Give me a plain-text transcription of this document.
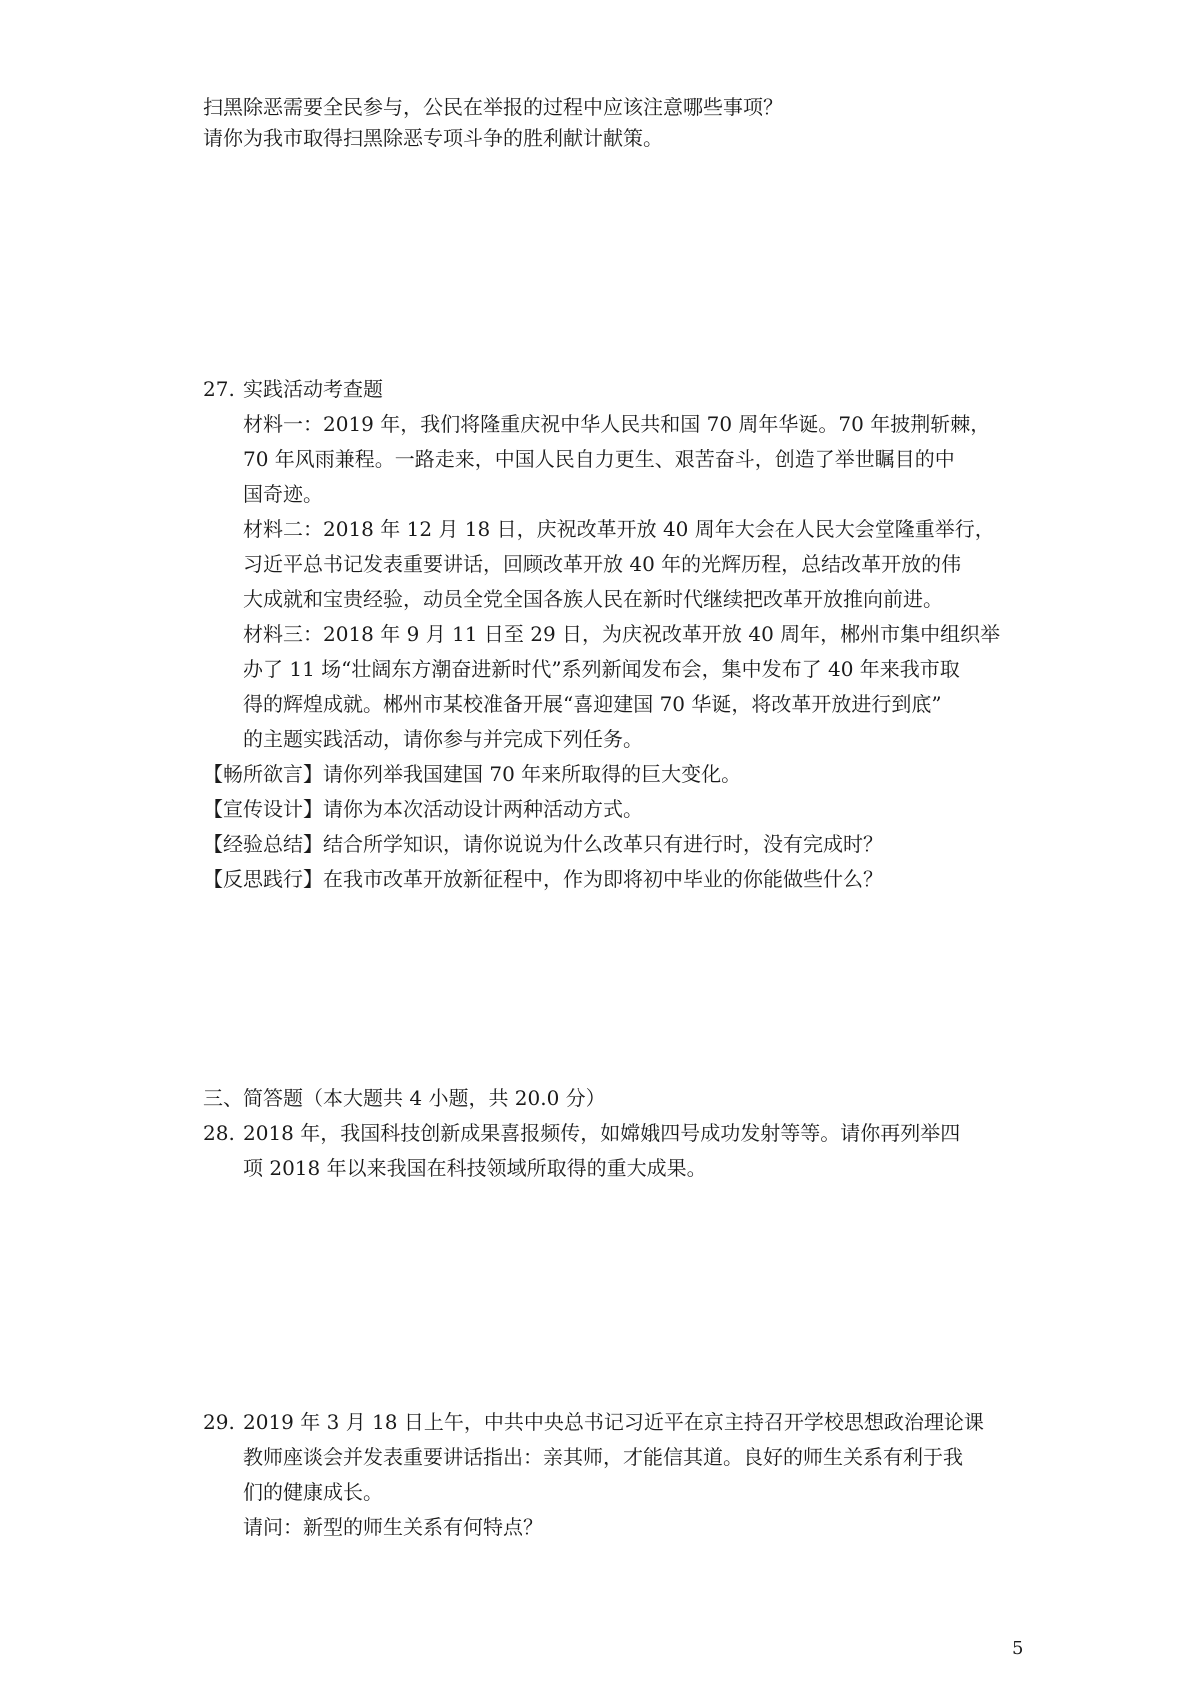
扫黑除恶需要全民参与，公民在举报的过程中应该注意哪些事项？
请你为我市取得扫黑除恶专项斗争的胜利献计献策。
27. 实践活动考查题
材料一：2019 年，我们将隆重庆祝中华人民共和国 70 周年华诞。70 年披荆斩棘，
70 年风雨兼程。一路走来，中国人民自力更生、艰苦奋斗，创造了举世瞩目的中
国奇迹。
材料二：2018 年 12 月 18 日，庆祝改革开放 40 周年大会在人民大会堂隆重举行，
习近平总书记发表重要讲话，回顾改革开放 40 年的光辉历程，总结改革开放的伟
大成就和宝贵经验，动员全党全国各族人民在新时代继续把改革开放推向前进。
材料三：2018 年 9 月 11 日至 29 日，为庆祝改革开放 40 周年，郴州市集中组织举
办了 11 场“壮阔东方潮奋进新时代”系列新闻发布会，集中发布了 40 年来我市取
得的辉煌成就。郴州市某校准备开展“喜迎建国 70 华诞，将改革开放进行到底”
的主题实践活动，请你参与并完成下列任务。
【畅所欲言】请你列举我国建国 70 年来所取得的巨大变化。
【宣传设计】请你为本次活动设计两种活动方式。
【经验总结】结合所学知识，请你说说为什么改革只有进行时，没有完成时？
【反思践行】在我市改革开放新征程中，作为即将初中毕业的你能做些什么？
三、简答题（本大题共 4 小题，共 20.0 分）
28. 2018 年，我国科技创新成果喜报频传，如嫦娥四号成功发射等等。请你再列举四
项 2018 年以来我国在科技领域所取得的重大成果。
29. 2019 年 3 月 18 日上午，中共中央总书记习近平在京主持召开学校思想政治理论课
教师座谈会并发表重要讲话指出：亲其师，才能信其道。良好的师生关系有利于我
们的健康成长。
请问：新型的师生关系有何特点？
5
